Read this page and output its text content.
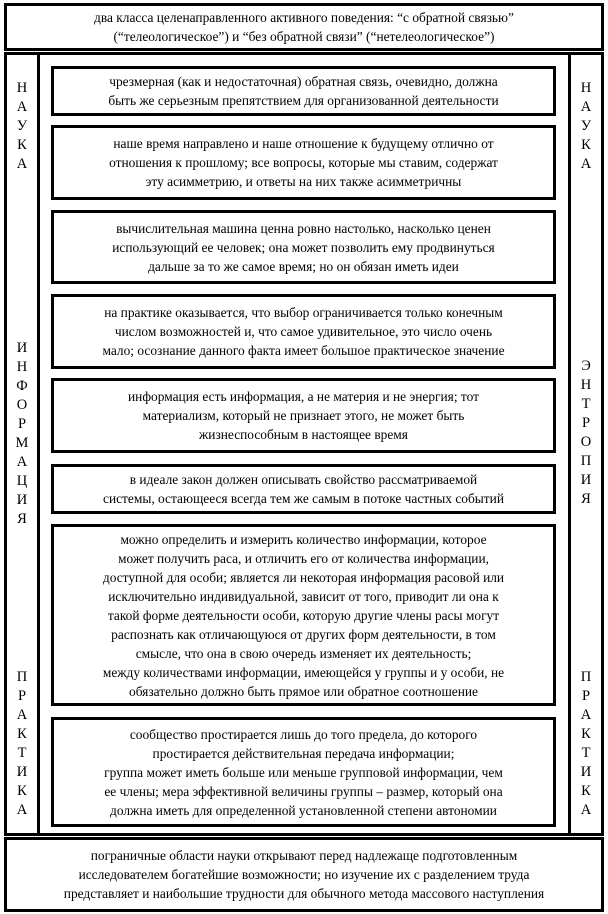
два класса целенаправленного активного поведения: “с обратной связью”
(“телеологическое”) и “без обратной связи” (“нетелеологическое”)
Н
А
У
К
А
И
Н
Ф
О
Р
М
А
Ц
И
Я
П
Р
А
К
Т
И
К
А
Н
А
У
К
А
Э
Н
Т
Р
О
П
И
Я
П
Р
А
К
Т
И
К
А
чрезмерная (как и недостаточная) обратная связь, очевидно, должна
быть же серьезным препятствием для организованной деятельности
наше время направлено и наше отношение к будущему отлично от
отношения к прошлому; все вопросы, которые мы ставим, содержат
эту асимметрию, и ответы на них также асимметричны
вычислительная машина ценна ровно настолько, насколько ценен
использующий ее человек; она может позволить ему продвинуться
дальше за то же самое время; но он обязан иметь идеи
на практике оказывается, что выбор ограничивается только конечным
числом возможностей и, что самое удивительное, это число очень
мало; осознание данного факта имеет большое практическое значение
информация есть информация, а не материя и не энергия; тот
материализм, который не признает этого, не может быть
жизнеспособным в настоящее время
в идеале закон должен описывать свойство рассматриваемой
системы, остающееся всегда тем же самым в потоке частных событий
можно определить и измерить количество информации, которое
может получить раса, и отличить его от количества информации,
доступной для особи; является ли некоторая информация расовой или
исключительно индивидуальной, зависит от того, приводит ли она к
такой форме деятельности особи, которую другие члены расы могут
распознать как отличающуюся от других форм деятельности, в том
смысле, что она в свою очередь изменяет их деятельность;
между количествами информации, имеющейся у группы и у особи, не
обязательно должно быть прямое или обратное соотношение
сообщество простирается лишь до того предела, до которого
простирается действительная передача информации;
группа может иметь больше или меньше групповой информации, чем
ее члены; мера эффективной величины группы – размер, который она
должна иметь для определенной установленной степени автономии
пограничные области науки открывают перед надлежаще подготовленным
исследователем богатейшие возможности; но изучение их с разделением труда
представляет и наибольшие трудности для обычного метода массового наступления
